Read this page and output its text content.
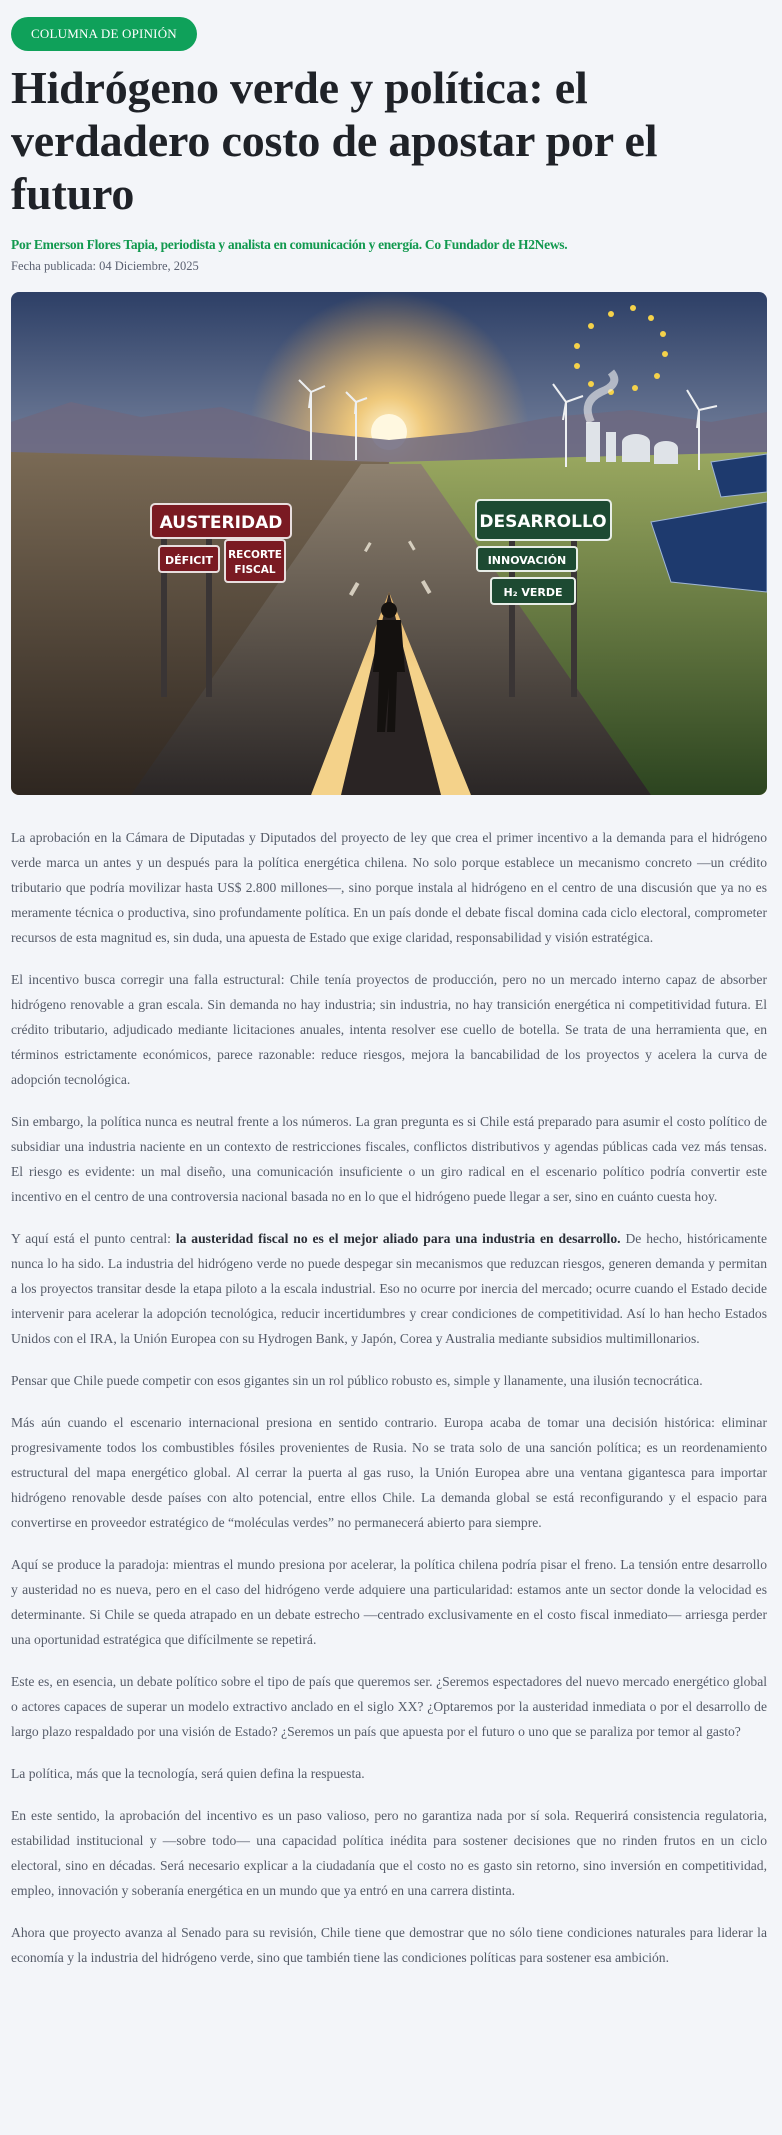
COLUMNA DE OPINIÓN
Hidrógeno verde y política: el verdadero costo de apostar por el futuro
Por Emerson Flores Tapia, periodista y analista en comunicación y energía. Co Fundador de H2News.
Fecha publicada: 04 Diciembre, 2025
AUSTERIDAD
DÉFICIT RECORTE
FISCAL
DESARROLLO
INNOVACIÓN
H₂ VERDE

La aprobación en la Cámara de Diputadas y Diputados del proyecto de ley que crea el primer incentivo a la demanda para el hidrógeno verde marca un antes y un después para la política energética chilena. No solo porque establece un mecanismo concreto —un crédito tributario que podría movilizar hasta US$ 2.800 millones—, sino porque instala al hidrógeno en el centro de una discusión que ya no es meramente técnica o productiva, sino profundamente política. En un país donde el debate fiscal domina cada ciclo electoral, comprometer recursos de esta magnitud es, sin duda, una apuesta de Estado que exige claridad, responsabilidad y visión estratégica.

El incentivo busca corregir una falla estructural: Chile tenía proyectos de producción, pero no un mercado interno capaz de absorber hidrógeno renovable a gran escala. Sin demanda no hay industria; sin industria, no hay transición energética ni competitividad futura. El crédito tributario, adjudicado mediante licitaciones anuales, intenta resolver ese cuello de botella. Se trata de una herramienta que, en términos estrictamente económicos, parece razonable: reduce riesgos, mejora la bancabilidad de los proyectos y acelera la curva de adopción tecnológica.

Sin embargo, la política nunca es neutral frente a los números. La gran pregunta es si Chile está preparado para asumir el costo político de subsidiar una industria naciente en un contexto de restricciones fiscales, conflictos distributivos y agendas públicas cada vez más tensas. El riesgo es evidente: un mal diseño, una comunicación insuficiente o un giro radical en el escenario político podría convertir este incentivo en el centro de una controversia nacional basada no en lo que el hidrógeno puede llegar a ser, sino en cuánto cuesta hoy.

Y aquí está el punto central: la austeridad fiscal no es el mejor aliado para una industria en desarrollo. De hecho, históricamente nunca lo ha sido. La industria del hidrógeno verde no puede despegar sin mecanismos que reduzcan riesgos, generen demanda y permitan a los proyectos transitar desde la etapa piloto a la escala industrial. Eso no ocurre por inercia del mercado; ocurre cuando el Estado decide intervenir para acelerar la adopción tecnológica, reducir incertidumbres y crear condiciones de competitividad. Así lo han hecho Estados Unidos con el IRA, la Unión Europea con su Hydrogen Bank, y Japón, Corea y Australia mediante subsidios multimillonarios.

Pensar que Chile puede competir con esos gigantes sin un rol público robusto es, simple y llanamente, una ilusión tecnocrática.

Más aún cuando el escenario internacional presiona en sentido contrario. Europa acaba de tomar una decisión histórica: eliminar progresivamente todos los combustibles fósiles provenientes de Rusia. No se trata solo de una sanción política; es un reordenamiento estructural del mapa energético global. Al cerrar la puerta al gas ruso, la Unión Europea abre una ventana gigantesca para importar hidrógeno renovable desde países con alto potencial, entre ellos Chile. La demanda global se está reconfigurando y el espacio para convertirse en proveedor estratégico de “moléculas verdes” no permanecerá abierto para siempre.

Aquí se produce la paradoja: mientras el mundo presiona por acelerar, la política chilena podría pisar el freno. La tensión entre desarrollo y austeridad no es nueva, pero en el caso del hidrógeno verde adquiere una particularidad: estamos ante un sector donde la velocidad es determinante. Si Chile se queda atrapado en un debate estrecho —centrado exclusivamente en el costo fiscal inmediato— arriesga perder una oportunidad estratégica que difícilmente se repetirá.

Este es, en esencia, un debate político sobre el tipo de país que queremos ser. ¿Seremos espectadores del nuevo mercado energético global o actores capaces de superar un modelo extractivo anclado en el siglo XX? ¿Optaremos por la austeridad inmediata o por el desarrollo de largo plazo respaldado por una visión de Estado? ¿Seremos un país que apuesta por el futuro o uno que se paraliza por temor al gasto?

La política, más que la tecnología, será quien defina la respuesta.

En este sentido, la aprobación del incentivo es un paso valioso, pero no garantiza nada por sí sola. Requerirá consistencia regulatoria, estabilidad institucional y —sobre todo— una capacidad política inédita para sostener decisiones que no rinden frutos en un ciclo electoral, sino en décadas. Será necesario explicar a la ciudadanía que el costo no es gasto sin retorno, sino inversión en competitividad, empleo, innovación y soberanía energética en un mundo que ya entró en una carrera distinta.

Ahora que proyecto avanza al Senado para su revisión, Chile tiene que demostrar que no sólo tiene condiciones naturales para liderar la economía y la industria del hidrógeno verde, sino que también tiene las condiciones políticas para sostener esa ambición.
